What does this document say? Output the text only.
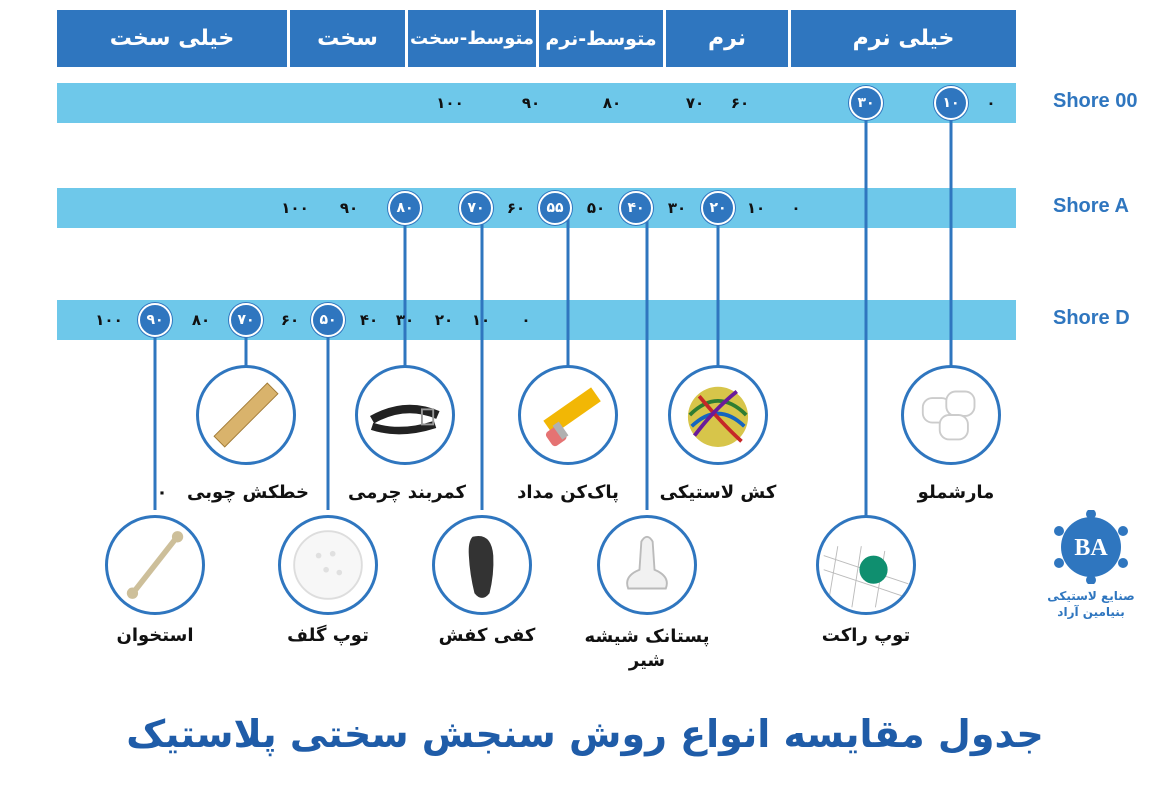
خیلی سخت	سخت	متوسط-سخت متوسط-نرم	نرم	خیلی نرم
Shore 00
Shore A
Shore D
۱۰۰	۹۰	۸۰	۷۰ ۶۰	۳۰	۱۰	۰
۱۰۰ ۹۰	۸۰	۷۰	۶۰	۵۵	۵۰	۴۰	۳۰	۲۰	۱۰ ۰
۱۰۰	۹۰	۸۰	۷۰	۶۰	۵۰	۴۰ ۳۰ ۲۰ ۱۰ ۰
مارشملو
کش لاستیکی
پاک‌کن مداد
کمربند چرمی
خطکش چوبی
۰
توپ راکت
پستانک شیشه شیر
کفی کفش
توپ گلف
استخوان
BA
صنایع لاستیکی
بنیامین آراد
جدول مقایسه انواع روش سنجش سختی پلاستیک
